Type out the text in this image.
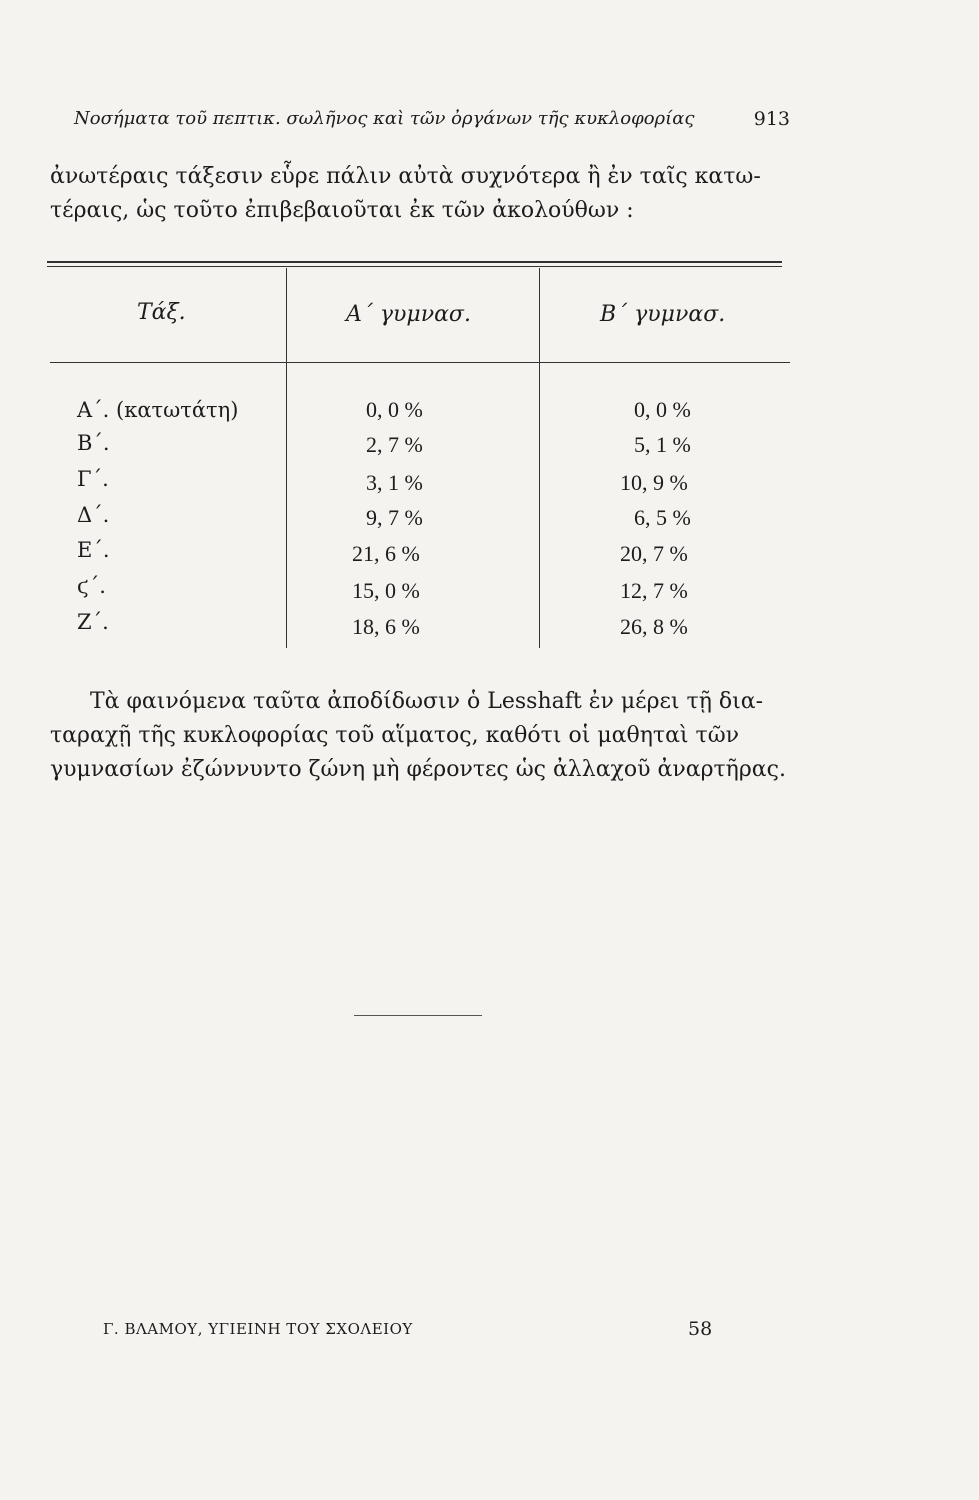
Νοσήματα τοῦ πεπτικ. σωλῆνος καὶ τῶν ὀργάνων τῆς κυκλοφορίας	913
ἀνωτέραις τάξεσιν εὗρε πάλιν αὐτὰ συχνότερα ἢ ἐν ταῖς κατω-
τέραις, ὡς τοῦτο ἐπιβεβαιοῦται ἐκ τῶν ἀκολούθων :
Τάξ.	Α΄ γυμνασ.	Β΄ γυμνασ.
Α΄. (κατωτάτη)	0, 0 %	0, 0 %
Β΄.	2, 7 %	5, 1 %
Γ΄.	3, 1 %	10, 9 %
Δ΄.	9, 7 %	6, 5 %
Ε΄.	21, 6 %	20, 7 %
ϛ΄.	15, 0 %	12, 7 %
Ζ΄.	18, 6 %	26, 8 %
Τὰ φαινόμενα ταῦτα ἀποδίδωσιν ὁ Lesshaft ἐν μέρει τῇ δια-
ταραχῇ τῆς κυκλοφορίας τοῦ αἵματος, καθότι οἱ μαθηταὶ τῶν
γυμνασίων ἐζώννυντο ζώνη μὴ φέροντες ὡς ἀλλαχοῦ ἀναρτῆρας.
Γ. ΒΛΑΜΟΥ, ΥΓΙΕΙΝΗ ΤΟΥ ΣΧΟΛΕΙΟΥ	58
